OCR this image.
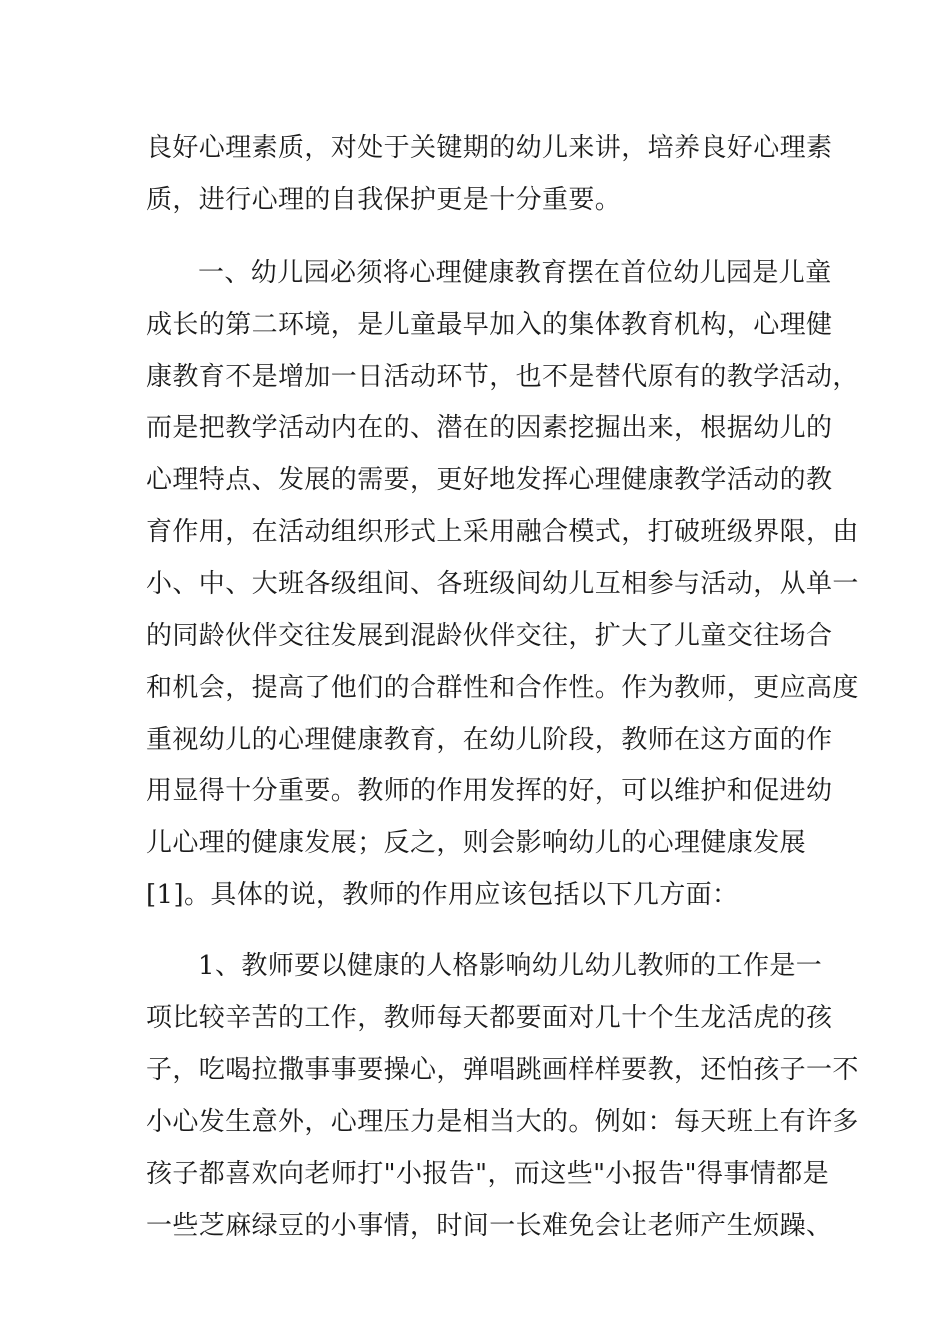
良好心理素质，对处于关键期的幼儿来讲，培养良好心理素
质，进行心理的自我保护更是十分重要。
一、幼儿园必须将心理健康教育摆在首位幼儿园是儿童
成长的第二环境，是儿童最早加入的集体教育机构，心理健
康教育不是增加一日活动环节，也不是替代原有的教学活动，
而是把教学活动内在的、潜在的因素挖掘出来，根据幼儿的
心理特点、发展的需要，更好地发挥心理健康教学活动的教
育作用，在活动组织形式上采用融合模式，打破班级界限，由
小、中、大班各级组间、各班级间幼儿互相参与活动，从单一
的同龄伙伴交往发展到混龄伙伴交往，扩大了儿童交往场合
和机会，提高了他们的合群性和合作性。作为教师，更应高度
重视幼儿的心理健康教育，在幼儿阶段，教师在这方面的作
用显得十分重要。教师的作用发挥的好，可以维护和促进幼
儿心理的健康发展；反之，则会影响幼儿的心理健康发展
[1]。具体的说，教师的作用应该包括以下几方面：
1、教师要以健康的人格影响幼儿幼儿教师的工作是一
项比较辛苦的工作，教师每天都要面对几十个生龙活虎的孩
子，吃喝拉撒事事要操心，弹唱跳画样样要教，还怕孩子一不
小心发生意外，心理压力是相当大的。例如：每天班上有许多
孩子都喜欢向老师打"小报告"，而这些"小报告"得事情都是
一些芝麻绿豆的小事情，时间一长难免会让老师产生烦躁、
